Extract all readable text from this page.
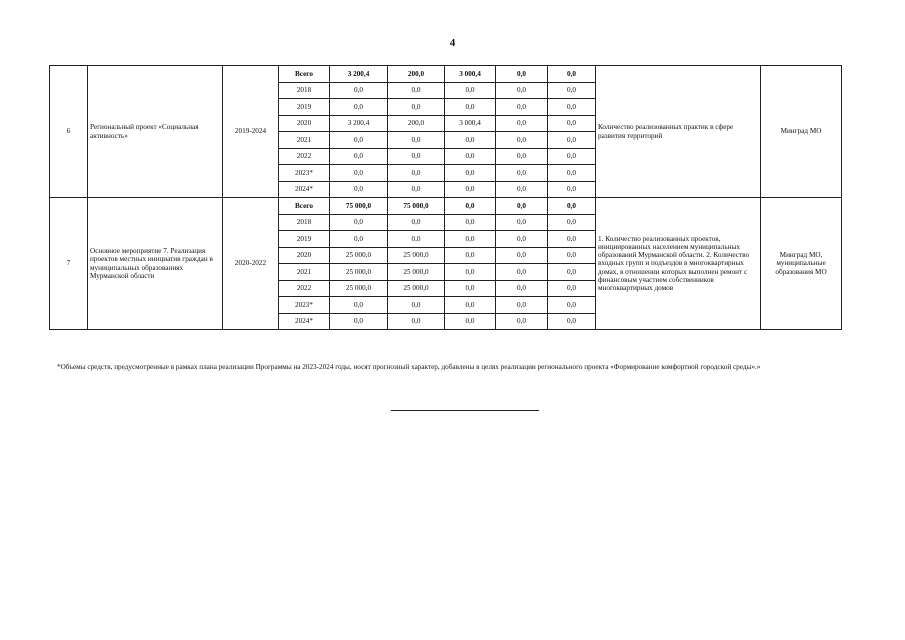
4
6	Региональный проект «Социальная активность»	2019-2024	Всего	3 200,4	200,0	3 000,4	0,0	0,0	Количество реализованных практик в сфере развития территорий	Минград МО
			2018	0,0	0,0	0,0	0,0	0,0		
			2019	0,0	0,0	0,0	0,0	0,0		
			2020	3 200,4	200,0	3 000,4	0,0	0,0		
			2021	0,0	0,0	0,0	0,0	0,0		
			2022	0,0	0,0	0,0	0,0	0,0		
			2023*	0,0	0,0	0,0	0,0	0,0		
			2024*	0,0	0,0	0,0	0,0	0,0		
7	Основное мероприятие 7. Реализация проектов местных инициатив граждан в муниципальных образованиях Мурманской области	2020-2022	Всего	75 000,0	75 000,0	0,0	0,0	0,0	1. Количество реализованных проектов, инициированных населением муниципальных образований Мурманской области. 2. Количество входных групп и подъездов в многоквартирных домах, в отношении которых выполнен ремонт с финансовым участием собственников многоквартирных домов	Минград МО, муниципальные образования МО
			2018	0,0	0,0	0,0	0,0	0,0		
			2019	0,0	0,0	0,0	0,0	0,0		
			2020	25 000,0	25 000,0	0,0	0,0	0,0		
			2021	25 000,0	25 000,0	0,0	0,0	0,0		
			2022	25 000,0	25 000,0	0,0	0,0	0,0		
			2023*	0,0	0,0	0,0	0,0	0,0		
			2024*	0,0	0,0	0,0	0,0	0,0		
*Объемы средств, предусмотренные в рамках плана реализации Программы на 2023-2024 годы, носят прогнозный характер, добавлены в целях реализации регионального проекта «Формирование комфортной городской среды».»
